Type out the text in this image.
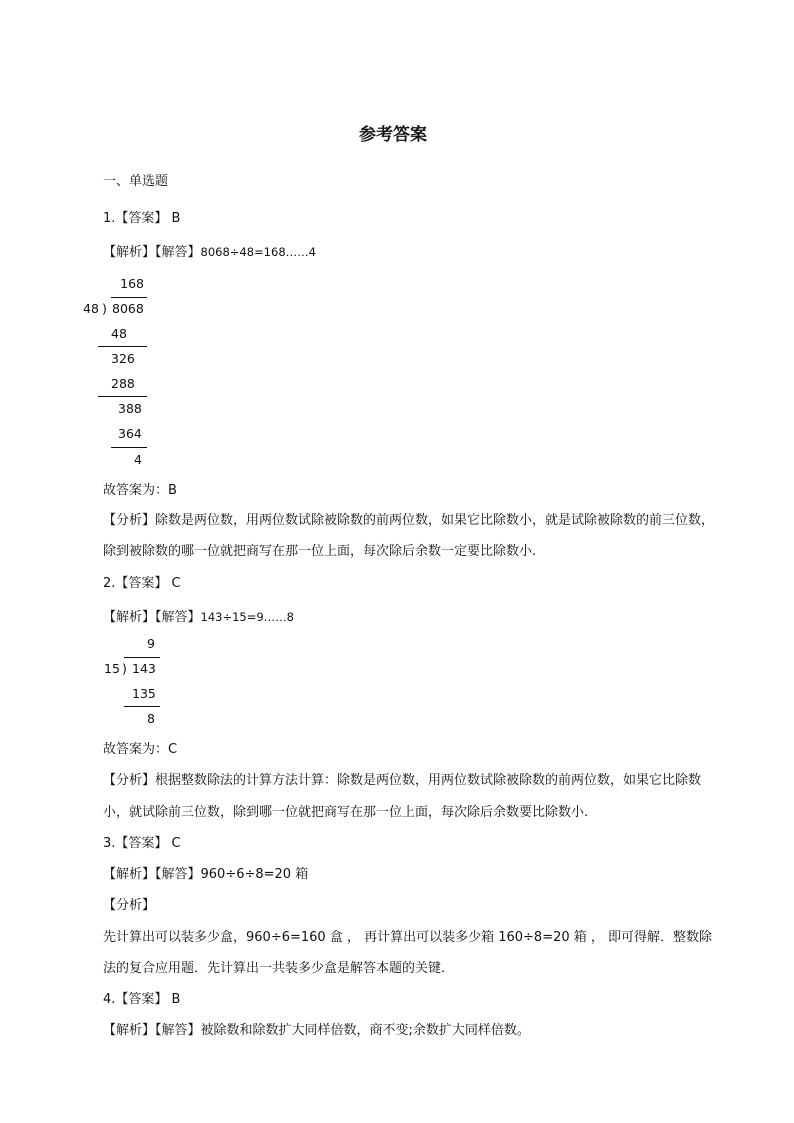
参考答案
一、单选题
1.【答案】 B
【解析】【解答】8068÷48=168……4
168
48 ) 8068
48
326
288
388
364
4
故答案为：B
【分析】除数是两位数，用两位数试除被除数的前两位数，如果它比除数小，就是试除被除数的前三位数，
除到被除数的哪一位就把商写在那一位上面，每次除后余数一定要比除数小.
2.【答案】 C
【解析】【解答】143÷15=9……8
9
15 ) 143
135
8
故答案为：C
【分析】根据整数除法的计算方法计算：除数是两位数，用两位数试除被除数的前两位数，如果它比除数
小，就试除前三位数，除到哪一位就把商写在那一位上面，每次除后余数要比除数小.
3.【答案】 C
【解析】【解答】960÷6÷8=20 箱
【分析】
先计算出可以装多少盒，960÷6=160 盒 ， 再计算出可以装多少箱 160÷8=20 箱 ， 即可得解．整数除
法的复合应用题．先计算出一共装多少盒是解答本题的关键．
4.【答案】 B
【解析】【解答】被除数和除数扩大同样倍数，商不变;余数扩大同样倍数。
